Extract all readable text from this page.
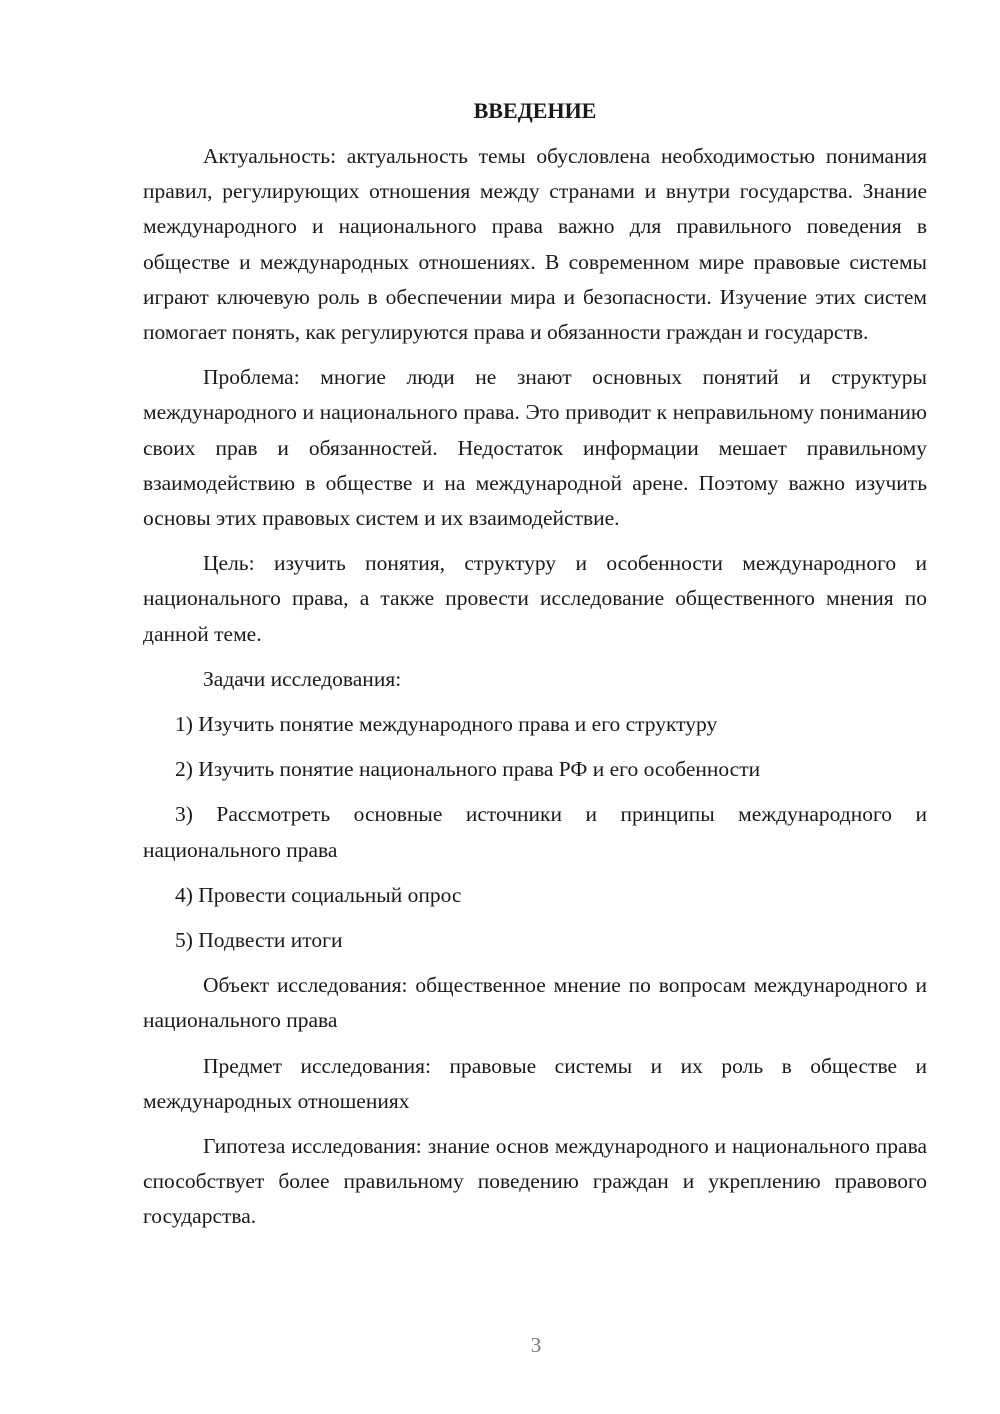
ВВЕДЕНИЕ

Актуальность: актуальность темы обусловлена необходимостью понимания правил, регулирующих отношения между странами и внутри государства. Знание международного и национального права важно для правильного поведения в обществе и международных отношениях. В современном мире правовые системы играют ключевую роль в обеспечении мира и безопасности. Изучение этих систем помогает понять, как регулируются права и обязанности граждан и государств.

Проблема: многие люди не знают основных понятий и структуры международного и национального права. Это приводит к неправильному пониманию своих прав и обязанностей. Недостаток информации мешает правильному взаимодействию в обществе и на международной арене. Поэтому важно изучить основы этих правовых систем и их взаимодействие.

Цель: изучить понятия, структуру и особенности международного и национального права, а также провести исследование общественного мнения по данной теме.

Задачи исследования:

1) Изучить понятие международного права и его структуру

2) Изучить понятие национального права РФ и его особенности

3) Рассмотреть основные источники и принципы международного и национального права

4) Провести социальный опрос

5) Подвести итоги

Объект исследования: общественное мнение по вопросам международного и национального права

Предмет исследования: правовые системы и их роль в обществе и международных отношениях

Гипотеза исследования: знание основ международного и национального права способствует более правильному поведению граждан и укреплению правового государства.

3
